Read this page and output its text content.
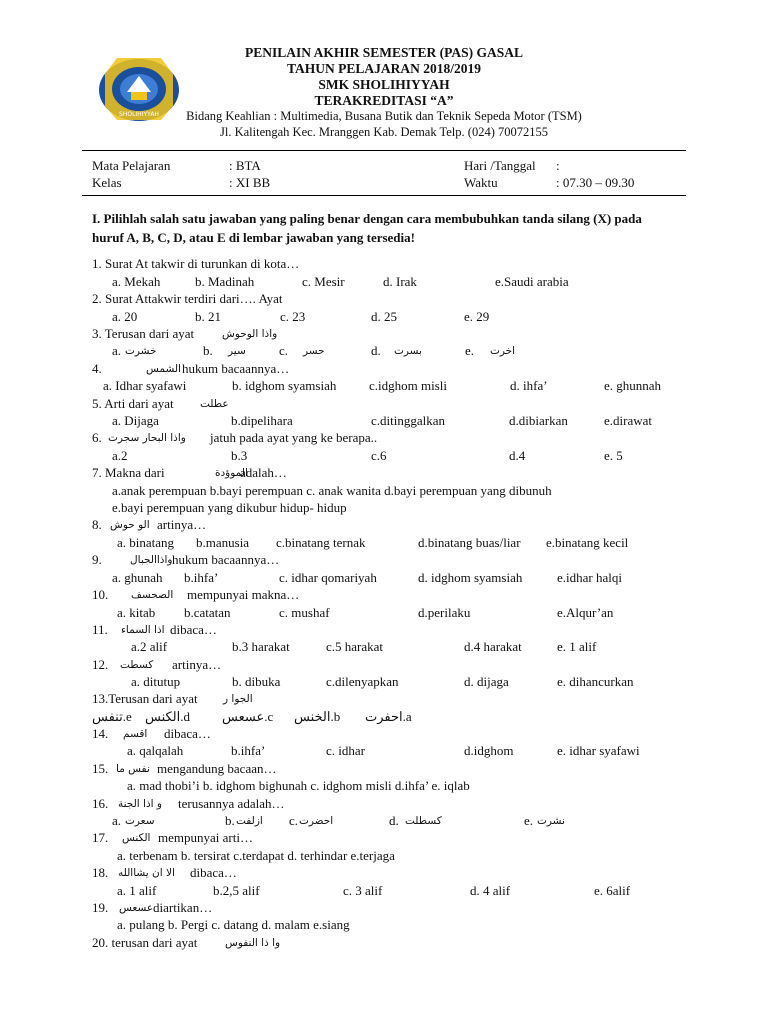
SHOLIHIYYAH
PENILAIN AKHIR SEMESTER (PAS) GASAL
TAHUN PELAJARAN 2018/2019
SMK SHOLIHIYYAH
TERAKREDITASI “A”
Bidang Keahlian : Multimedia, Busana Butik dan Teknik Sepeda Motor (TSM)
Jl. Kalitengah Kec. Mranggen Kab. Demak Telp. (024) 70072155
Mata Pelajaran	: BTA	Hari /Tanggal :
Kelas	: XI BB	Waktu	: 07.30 – 09.30
I. Pilihlah salah satu jawaban yang paling benar dengan cara membubuhkan tanda silang (X) pada huruf A, B, C, D, atau E di lembar jawaban yang tersedia!
1. Surat At takwir di turunkan di kota…
a. Mekah	b. Madinah	c. Mesir	d. Irak	e.Saudi arabia
2. Surat Attakwir terdiri dari…. Ayat
a. 20	b. 21	c. 23	d. 25	e. 29
3. Terusan dari ayat	واذا الوحوش
a. خشرت	b. سير	c. حسر	d. بسرت	e. اخرت
4.	الشمس hukum bacaannya…
a. Idhar syafawi	b. idghom syamsiah	c.idghom misli	d. ihfa’	e. ghunnah
5. Arti dari ayat	عطلت
a. Dijaga	b.dipelihara	c.ditinggalkan	d.dibiarkan	e.dirawat
6. واذا البحار سجرت jatuh pada ayat yang ke berapa..
a.2	b.3	c.6	d.4	e. 5
7. Makna dari	الموؤدة
adalah…
a.anak perempuan b.bayi perempuan c. anak wanita d.bayi perempuan yang dibunuh
e.bayi perempuan yang dikubur hidup- hidup
8. الو حوش artinya…
a. binatang b.manusia c.binatang ternak	d.binatang buas/liar e.binatang kecil
9.	واذاالجبال hukum bacaannya…
a. ghunah b.ihfa’	c. idhar qomariyah	d. idghom syamsiah	e.idhar halqi
10. الصحسف mempunyai makna…
a. kitab b.catatan	c. mushaf	d.perilaku	e.Alqur’an
11. اذا السماء dibaca…
a.2 alif	b.3 harakat	c.5 harakat	d.4 harakat	e. 1 alif
12. كسطت artinya…
a. ditutup	b. dibuka	c.dilenyapkan	d. dijaga	e. dihancurkan
13.Terusan dari ayat الجوا ر
تنفس.e الكنس.d عسعس.c الخنس.b احفرت.a
14. اقسم dibaca…
a. qalqalah	b.ihfa’	c. idhar	d.idghom	e. idhar syafawi
15. نفس ما mengandung bacaan…
a. mad thobi’i b. idghom bighunah c. idghom misli d.ihfa’ e. iqlab
16. و اذا الجنة terusannya adalah…
a. سعرت	b. ازلفت c. احضرت	d. كسطلت	e. نشرت
17. الكنس mempunyai arti…
a. terbenam b. tersirat c.terdapat d. terhindar e.terjaga
18. الا ان يشاالله dibaca…
a. 1 alif	b.2,5 alif	c. 3 alif	d. 4 alif	e. 6alif
19. عسعس diartikan…
a. pulang b. Pergi c. datang d. malam e.siang
20. terusan dari ayat	وا ذا النفوس
